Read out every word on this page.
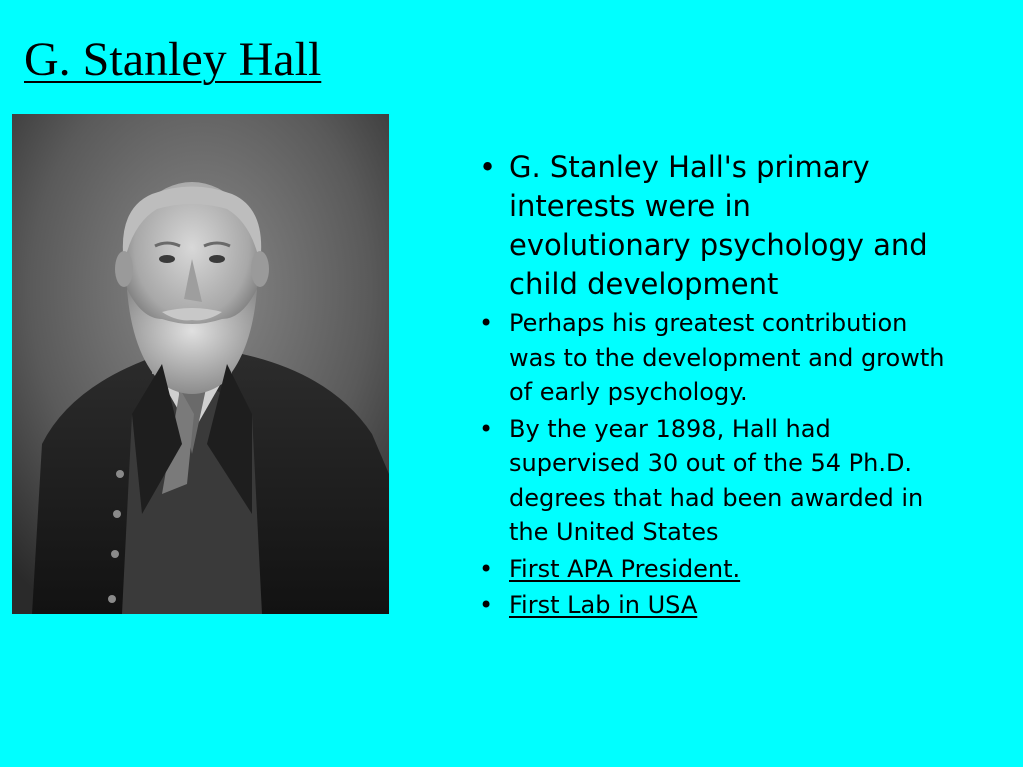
G. Stanley Hall
• G. Stanley Hall's primary interests were in evolutionary psychology and child development
• Perhaps his greatest contribution was to the development and growth of early psychology.
• By the year 1898, Hall had supervised 30 out of the 54 Ph.D. degrees that had been awarded in the United States
• First APA President.
• First Lab in USA
